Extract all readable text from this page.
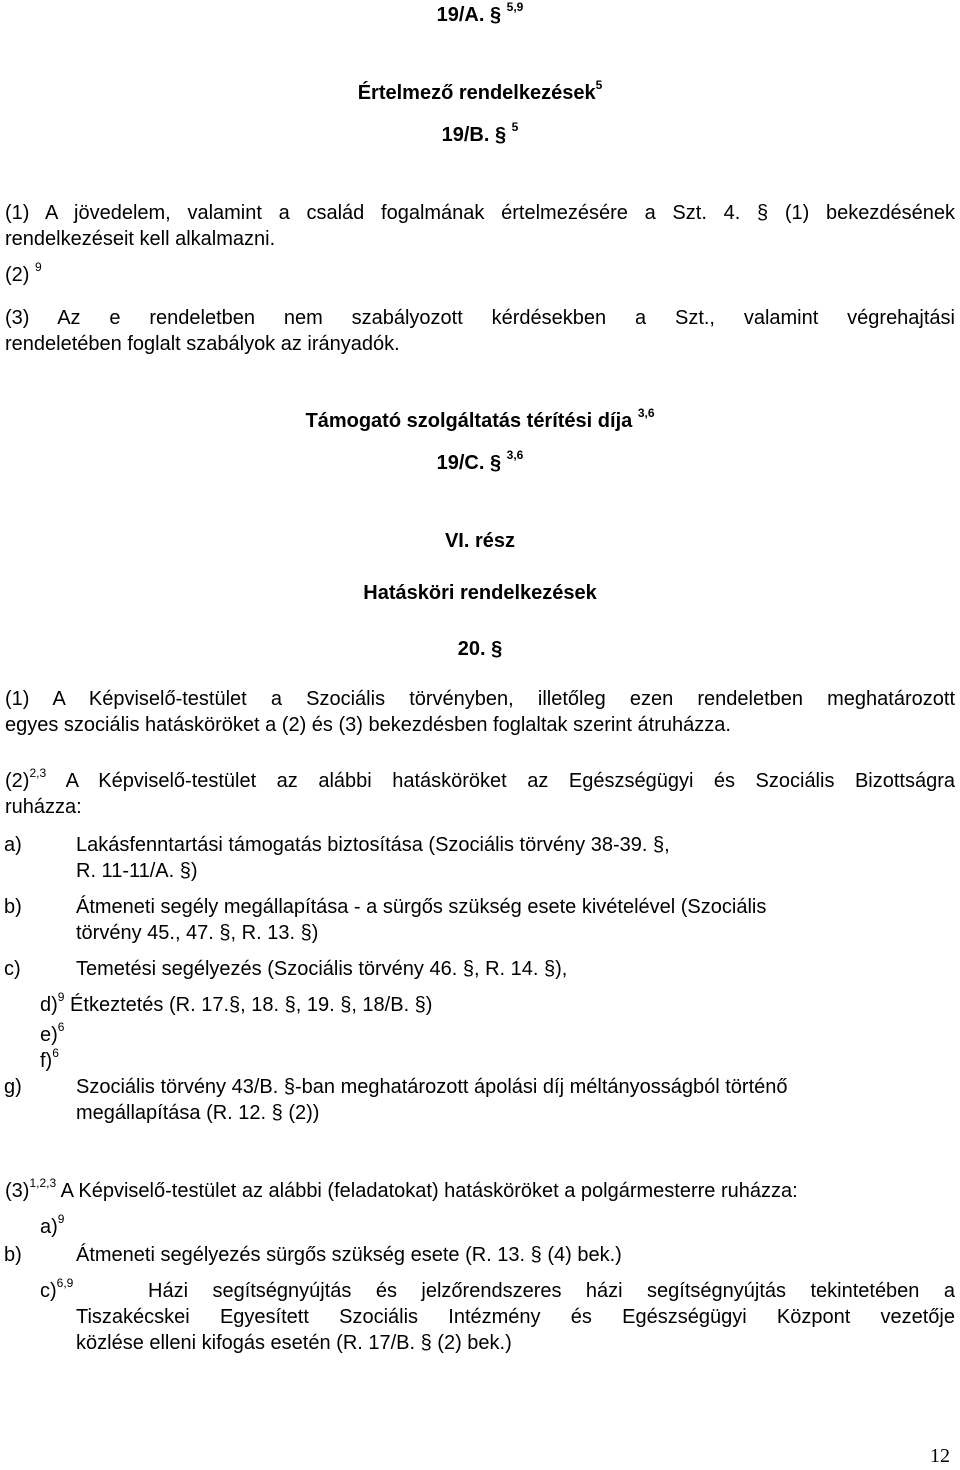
19/A. § $^{5,9}$
Értelmező rendelkezések$^5$
19/B. § $^5$
(1) A jövedelem, valamint a család fogalmának értelmezésére a Szt. 4. § (1) bekezdésének
rendelkezéseit kell alkalmazni.
(2) $^9$
(3) Az e rendeletben nem szabályozott kérdésekben a Szt., valamint végrehajtási
rendeletében foglalt szabályok az irányadók.
Támogató szolgáltatás térítési díja $^{3,6}$
19/C. § $^{3,6}$
VI. rész
Hatásköri rendelkezések
20. §
(1) A Képviselő-testület a Szociális törvényben, illetőleg ezen rendeletben meghatározott
egyes szociális hatásköröket a (2) és (3) bekezdésben foglaltak szerint átruházza.
$(2)^{2,3}$ A Képviselő-testület az alábbi hatásköröket az Egészségügyi és Szociális Bizottságra
ruházza:
a)	Lakásfenntartási támogatás biztosítása (Szociális törvény 38-39. §,
R. 11-11/A. §)
b)	Átmeneti segély megállapítása - a sürgős szükség esete kivételével (Szociális
törvény 45., 47. §, R. 13. §)
c)	Temetési segélyezés (Szociális törvény 46. §, R. 14. §),
d)$^9$ Étkeztetés (R. 17.§, 18. §, 19. §, 18/B. §)
e)$^6$
f)$^6$
g)	Szociális törvény 43/B. §-ban meghatározott ápolási díj méltányosságból történő
megállapítása (R. 12. § (2))
$(3)^{1,2,3}$ A Képviselő-testület az alábbi (feladatokat) hatásköröket a polgármesterre ruházza:
a)$^9$
b)	Átmeneti segélyezés sürgős szükség esete (R. 13. § (4) bek.)
c)$^{6,9}$	Házi segítségnyújtás és jelzőrendszeres házi segítségnyújtás tekintetében a
Tiszakécskei Egyesített Szociális Intézmény és Egészségügyi Központ vezetője
közlése elleni kifogás esetén (R. 17/B. § (2) bek.)
12
